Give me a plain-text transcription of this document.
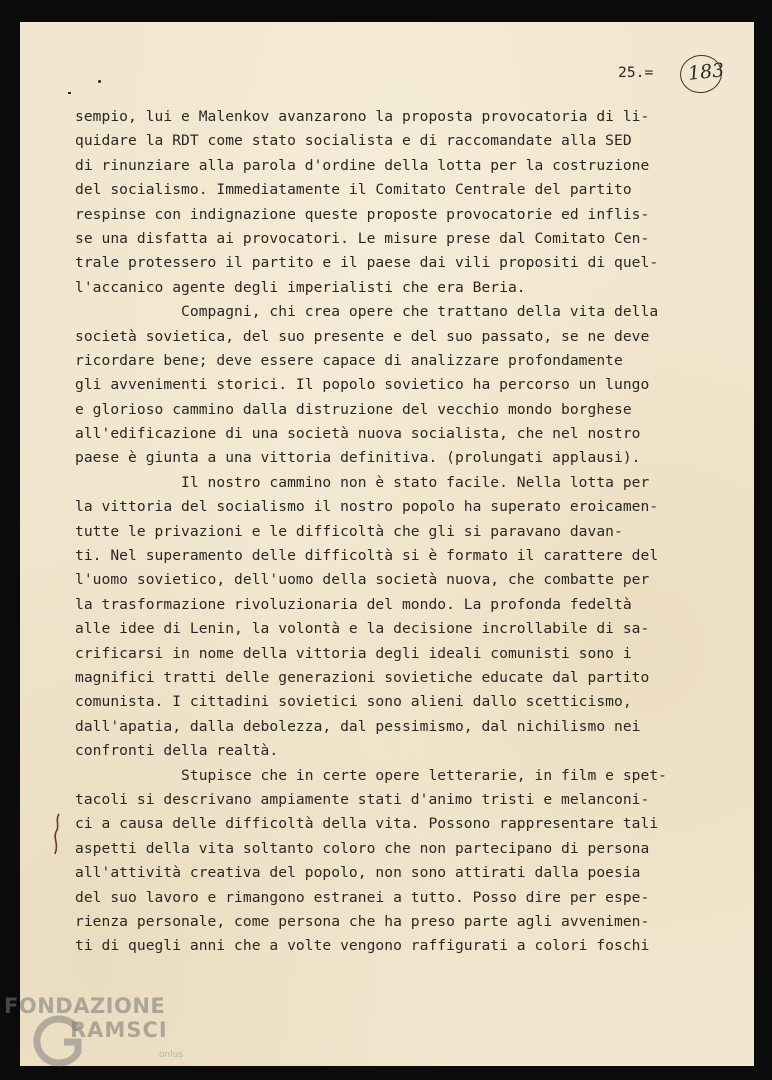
25.= 183
sempio, lui e Malenkov avanzarono la proposta provocatoria di li-
quidare la RDT come stato socialista e di raccomandate alla SED
di rinunziare alla parola d'ordine della lotta per la costruzione
del socialismo. Immediatamente il Comitato Centrale del partito
respinse con indignazione queste proposte provocatorie ed inflis-
se una disfatta ai provocatori. Le misure prese dal Comitato Cen-
trale protessero il partito e il paese dai vili propositi di quel-
l'accanico agente degli imperialisti che era Beria.
Compagni, chi crea opere che trattano della vita della
società sovietica, del suo presente e del suo passato, se ne deve
ricordare bene; deve essere capace di analizzare profondamente
gli avvenimenti storici. Il popolo sovietico ha percorso un lungo
e glorioso cammino dalla distruzione del vecchio mondo borghese
all'edificazione di una società nuova socialista, che nel nostro
paese è giunta a una vittoria definitiva. (prolungati applausi).
Il nostro cammino non è stato facile. Nella lotta per
la vittoria del socialismo il nostro popolo ha superato eroicamen-
tutte le privazioni e le difficoltà che gli si paravano davan-
ti. Nel superamento delle difficoltà si è formato il carattere del
l'uomo sovietico, dell'uomo della società nuova, che combatte per
la trasformazione rivoluzionaria del mondo. La profonda fedeltà
alle idee di Lenin, la volontà e la decisione incrollabile di sa-
crificarsi in nome della vittoria degli ideali comunisti sono i
magnifici tratti delle generazioni sovietiche educate dal partito
comunista. I cittadini sovietici sono alieni dallo scetticismo,
dall'apatia, dalla debolezza, dal pessimismo, dal nichilismo nei
confronti della realtà.
Stupisce che in certe opere letterarie, in film e spet-
tacoli si descrivano ampiamente stati d'animo tristi e melanconi-
ci a causa delle difficoltà della vita. Possono rappresentare tali
aspetti della vita soltanto coloro che non partecipano di persona
all'attività creativa del popolo, non sono attirati dalla poesia
del suo lavoro e rimangono estranei a tutto. Posso dire per espe-
rienza personale, come persona che ha preso parte agli avvenimen-
ti di quegli anni che a volte vengono raffigurati a colori foschi
FONDAZIONE
RAMSCI
onlus
